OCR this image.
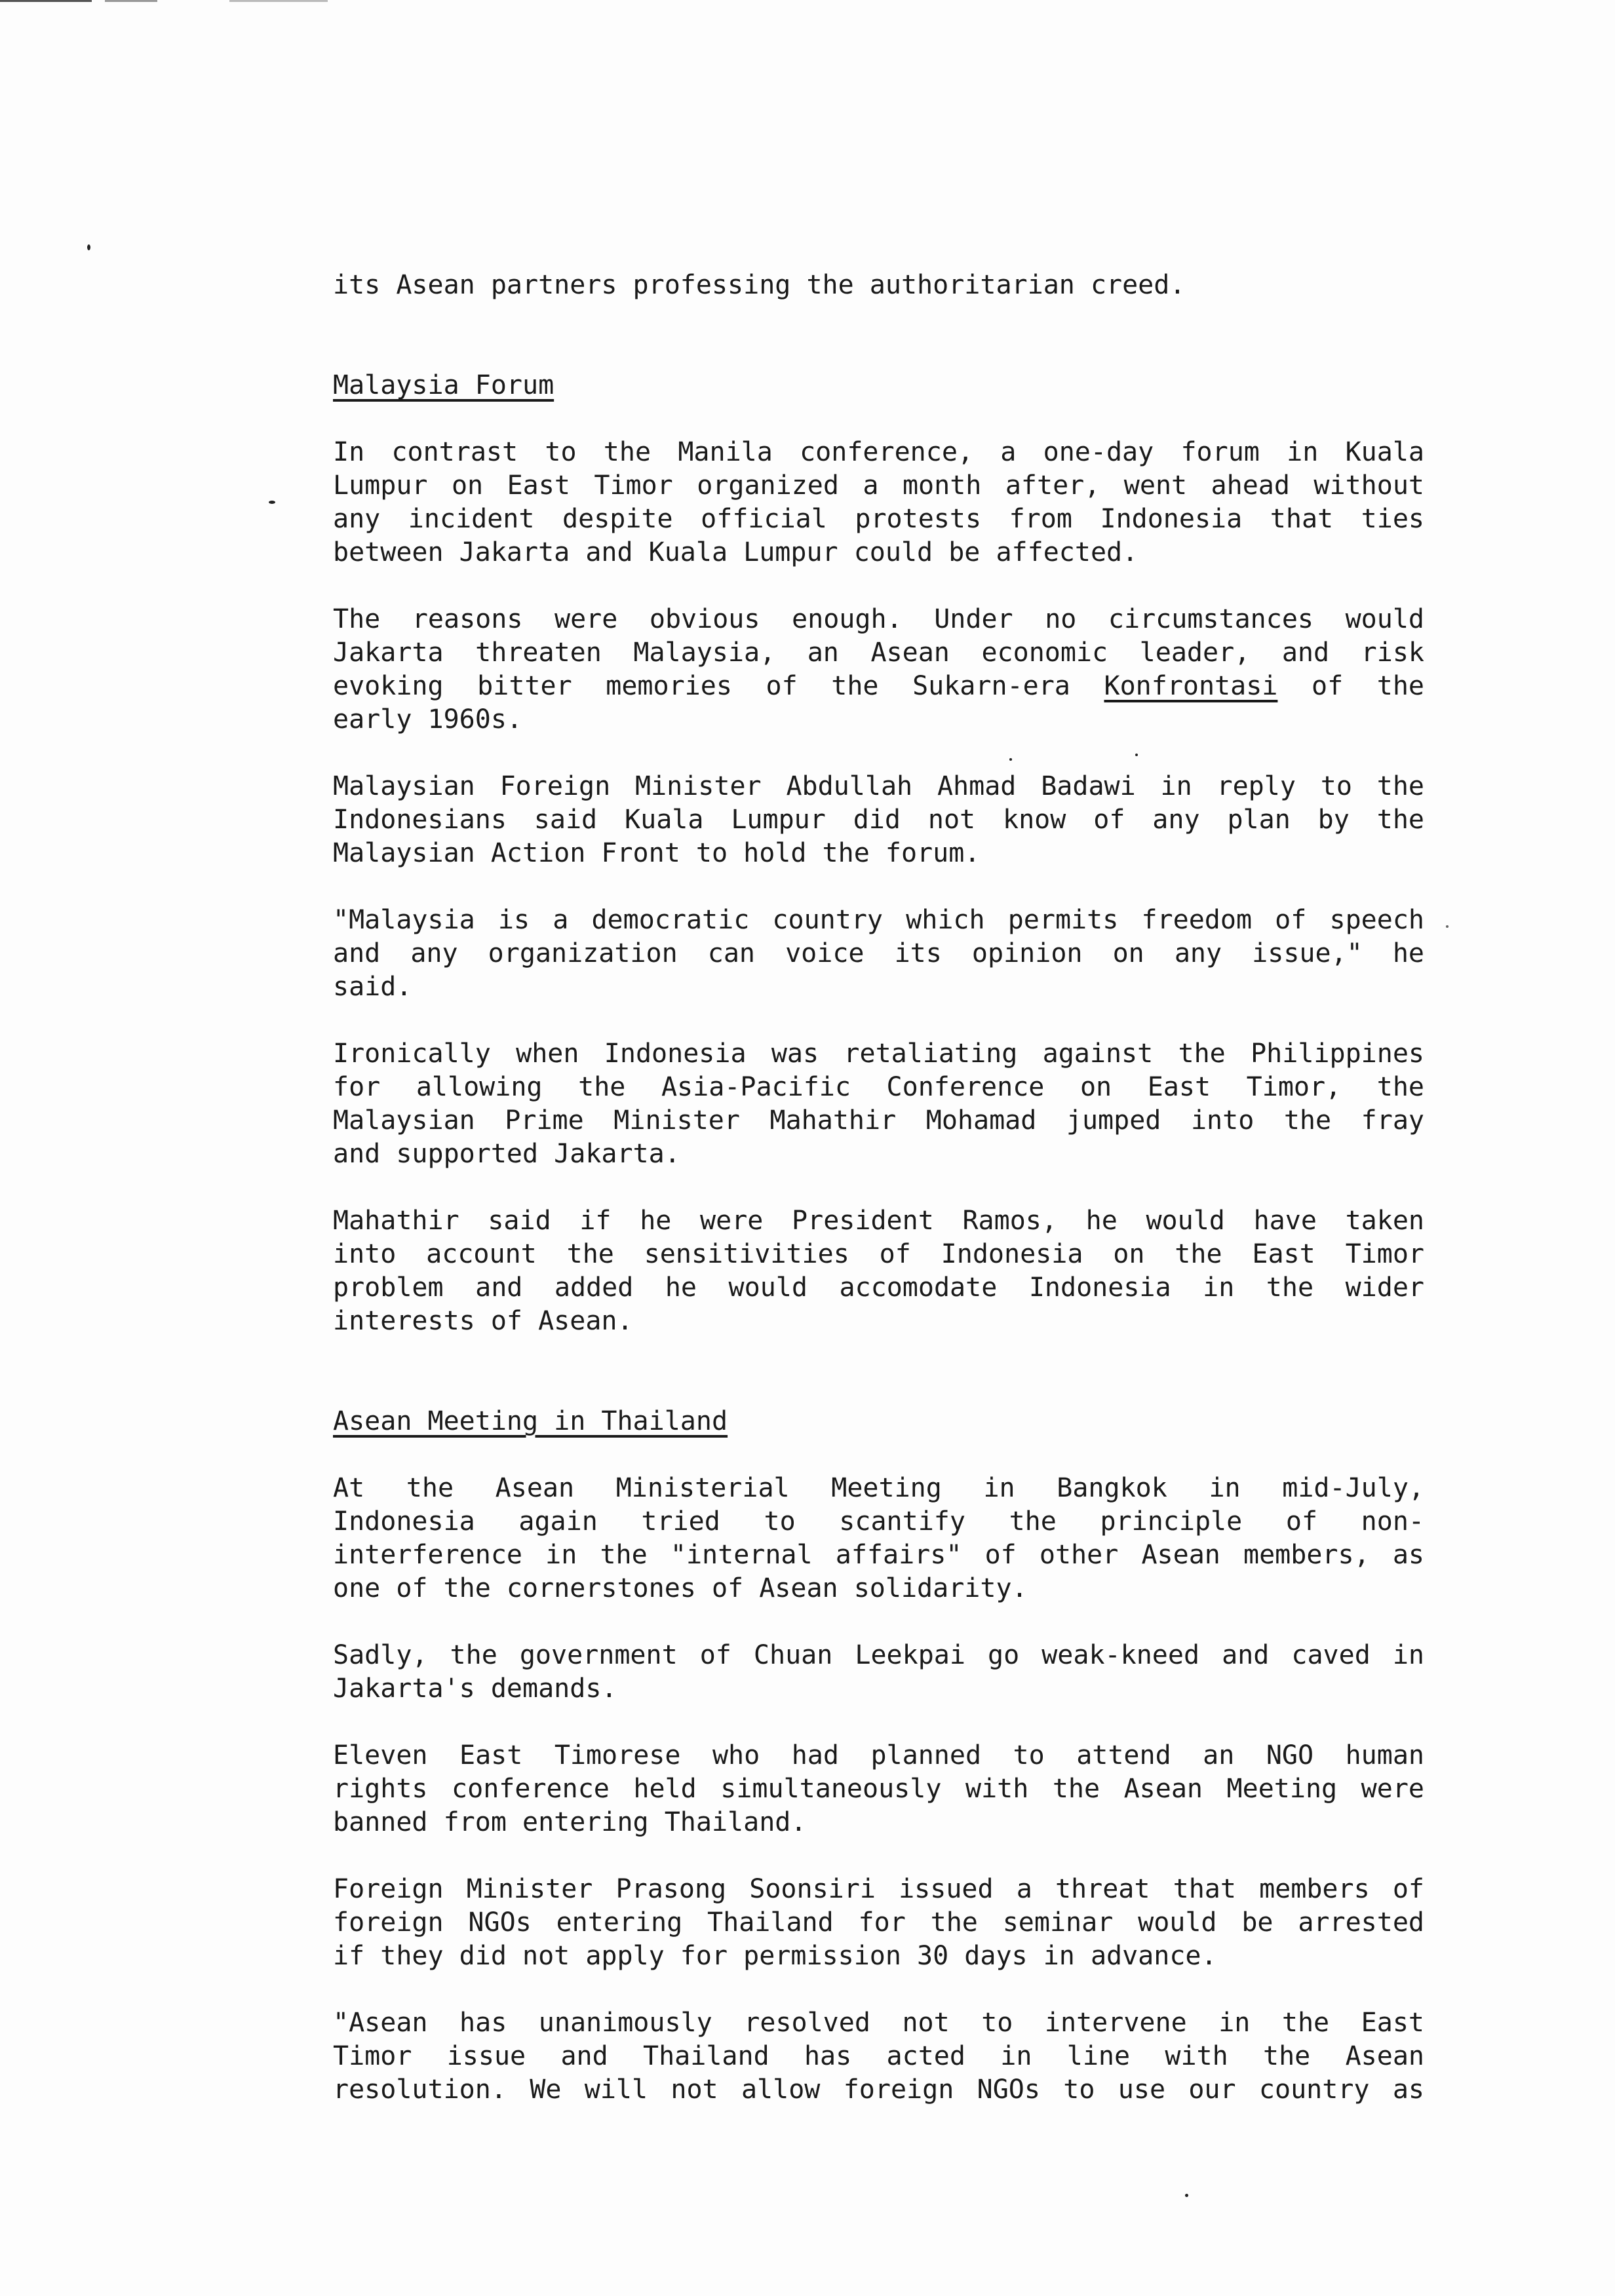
its Asean partners professing the authoritarian creed.
Malaysia Forum
In contrast to the Manila conference, a one-day forum in Kuala
Lumpur on East Timor organized a month after, went ahead without
any incident despite official protests from Indonesia that ties
between Jakarta and Kuala Lumpur could be affected.
The reasons were obvious enough. Under no circumstances would
Jakarta threaten Malaysia, an Asean economic leader, and risk
evoking bitter memories of the Sukarn-era Konfrontasi of the
early 1960s.
Malaysian Foreign Minister Abdullah Ahmad Badawi in reply to the
Indonesians said Kuala Lumpur did not know of any plan by the
Malaysian Action Front to hold the forum.
"Malaysia is a democratic country which permits freedom of speech
and any organization can voice its opinion on any issue," he
said.
Ironically when Indonesia was retaliating against the Philippines
for allowing the Asia-Pacific Conference on East Timor, the
Malaysian Prime Minister Mahathir Mohamad jumped into the fray
and supported Jakarta.
Mahathir said if he were President Ramos, he would have taken
into account the sensitivities of Indonesia on the East Timor
problem and added he would accomodate Indonesia in the wider
interests of Asean.
Asean Meeting in Thailand
At the Asean Ministerial Meeting in Bangkok in mid-July,
Indonesia again tried to scantify the principle of non-
interference in the "internal affairs" of other Asean members, as
one of the cornerstones of Asean solidarity.
Sadly, the government of Chuan Leekpai go weak-kneed and caved in
Jakarta's demands.
Eleven East Timorese who had planned to attend an NGO human
rights conference held simultaneously with the Asean Meeting were
banned from entering Thailand.
Foreign Minister Prasong Soonsiri issued a threat that members of
foreign NGOs entering Thailand for the seminar would be arrested
if they did not apply for permission 30 days in advance.
"Asean has unanimously resolved not to intervene in the East
Timor issue and Thailand has acted in line with the Asean
resolution. We will not allow foreign NGOs to use our country as
